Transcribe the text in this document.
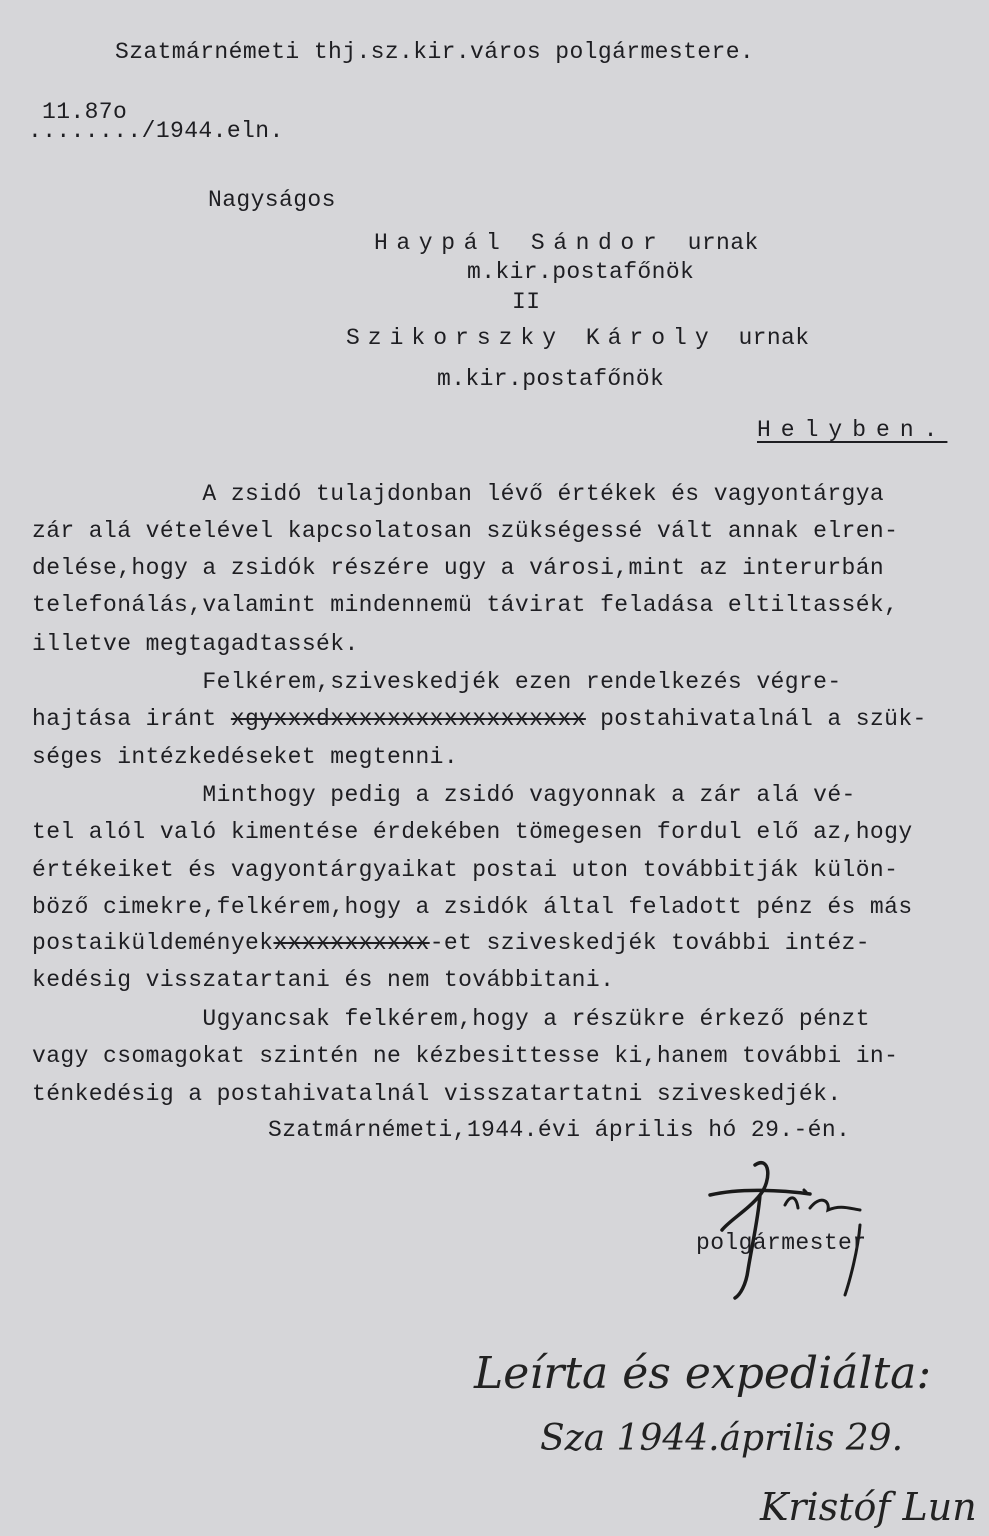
Szatmárnémeti thj.sz.kir.város polgármestere.
11.87o
......../1944.eln.
Nagyságos
Haypál Sándor urnak
m.kir.postafőnök
II
Szikorszky Károly urnak
m.kir.postafőnök
Helyben.
A zsidó tulajdonban lévő értékek és vagyontárgya
zár alá vételével kapcsolatosan szükségessé vált annak elren-
delése,hogy a zsidók részére ugy a városi,mint az interurbán
telefonálás,valamint mindennemü távirat feladása eltiltassék,
illetve megtagadtassék.
Felkérem,sziveskedjék ezen rendelkezés végre-
hajtása iránt xgyxxxdxxxxxxxxxxxxxxxxxx postahivatalnál a szük-
séges intézkedéseket megtenni.
Minthogy pedig a zsidó vagyonnak a zár alá vé-
tel alól való kimentése érdekében tömegesen fordul elő az,hogy
értékeiket és vagyontárgyaikat postai uton továbbitják külön-
böző cimekre,felkérem,hogy a zsidók által feladott pénz és más
postaiküldeményekxxxxxxxxxxx-et sziveskedjék további intéz-
kedésig visszatartani és nem továbbitani.
Ugyancsak felkérem,hogy a részükre érkező pénzt
vagy csomagokat szintén ne kézbesittesse ki,hanem további in-
ténkedésig a postahivatalnál visszatartatni sziveskedjék.
Szatmárnémeti,1944.évi április hó 29.-én.
polgármester
Leírta és expediálta:
Sza 1944.április 29.
Kristóf Lun
